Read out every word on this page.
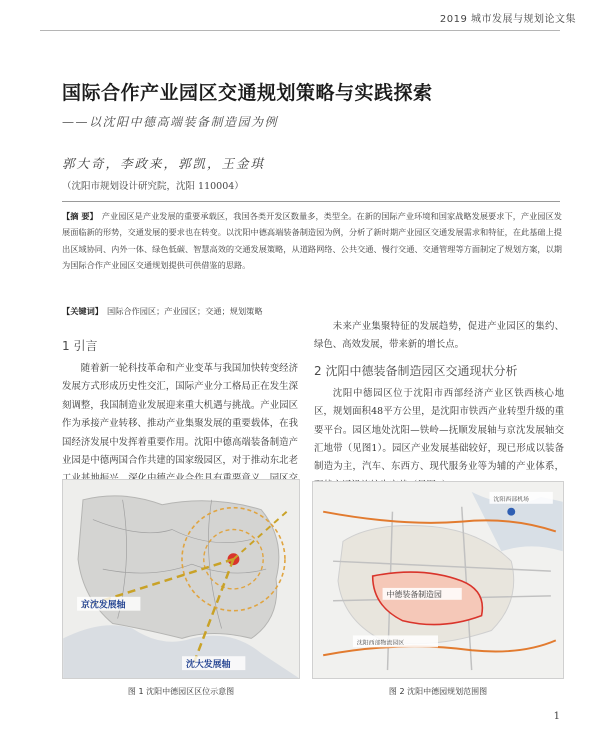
2019 城市发展与规划论文集
国际合作产业园区交通规划策略与实践探索
——以沈阳中德高端装备制造园为例
郭大奇，李政来，郭凯，王金琪
（沈阳市规划设计研究院，沈阳 110004）
【摘 要】 产业园区是产业发展的重要承载区，我国各类开发区数量多，类型全。在新的国际产业环境和国家战略发展要求下，产业园区发展面临新的形势，交通发展的要求也在转变。以沈阳中德高端装备制造园为例，分析了新时期产业园区交通发展需求和特征，在此基础上提出区域协同、内外一体、绿色低碳、智慧高效的交通发展策略，从道路网络、公共交通、慢行交通、交通管理等方面制定了规划方案，以期为国际合作产业园区交通规划提供可供借鉴的思路。
【关键词】 国际合作园区；产业园区；交通；规划策略
1 引言
随着新一轮科技革命和产业变革与我国加快转变经济发展方式形成历史性交汇，国际产业分工格局正在发生深刻调整，我国制造业发展迎来重大机遇与挑战。产业园区作为承接产业转移、推动产业集聚发展的重要载体，在我国经济发展中发挥着重要作用。沈阳中德高端装备制造产业园是中德两国合作共建的国家级园区，对于推动东北老
未来产业集聚特征的发展趋势，促进产业园区的集约、绿色、高效发展，带来新的增长点。
2 沈阳中德装备制造园区交通现状分析
沈阳中德园区位于沈阳市西部经济产业区铁西核心地区，规划面积48平方公里，是沈阳市铁西产业转型升级的重要平台。园区地处沈阳—铁岭—抚顺发展轴与京沈发展轴交汇地带（见图1）。园区产业发展基础较好，现已形成以装备制造为主，汽车、东西方、现代服务业等为辅的产业体系，
京沈发展轴
沈大发展轴
中德装备制造园
沈阳西部物流园区
沈阳西部机场
图 1 沈阳中德园区区位示意图	图 2 沈阳中德园规划范围图
1
